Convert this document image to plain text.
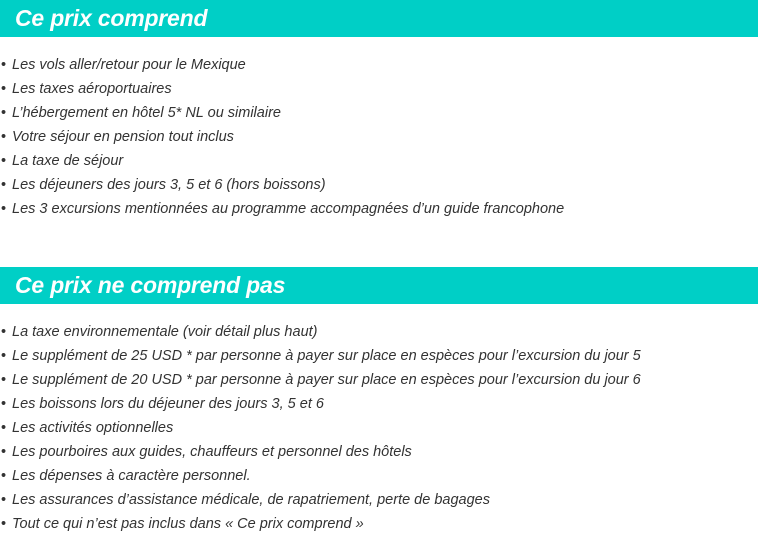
Ce prix comprend
• Les vols aller/retour pour le Mexique
• Les taxes aéroportuaires
• L’hébergement en hôtel 5* NL ou similaire
• Votre séjour en pension tout inclus
• La taxe de séjour
• Les déjeuners des jours 3, 5 et 6 (hors boissons)
• Les 3 excursions mentionnées au programme accompagnées d’un guide francophone
Ce prix ne comprend pas
• La taxe environnementale (voir détail plus haut)
• Le supplément de 25 USD * par personne à payer sur place en espèces pour l’excursion du jour 5
• Le supplément de 20 USD * par personne à payer sur place en espèces pour l’excursion du jour 6
• Les boissons lors du déjeuner des jours 3, 5 et 6
• Les activités optionnelles
• Les pourboires aux guides, chauffeurs et personnel des hôtels
• Les dépenses à caractère personnel.
• Les assurances d’assistance médicale, de rapatriement, perte de bagages
• Tout ce qui n’est pas inclus dans « Ce prix comprend »
